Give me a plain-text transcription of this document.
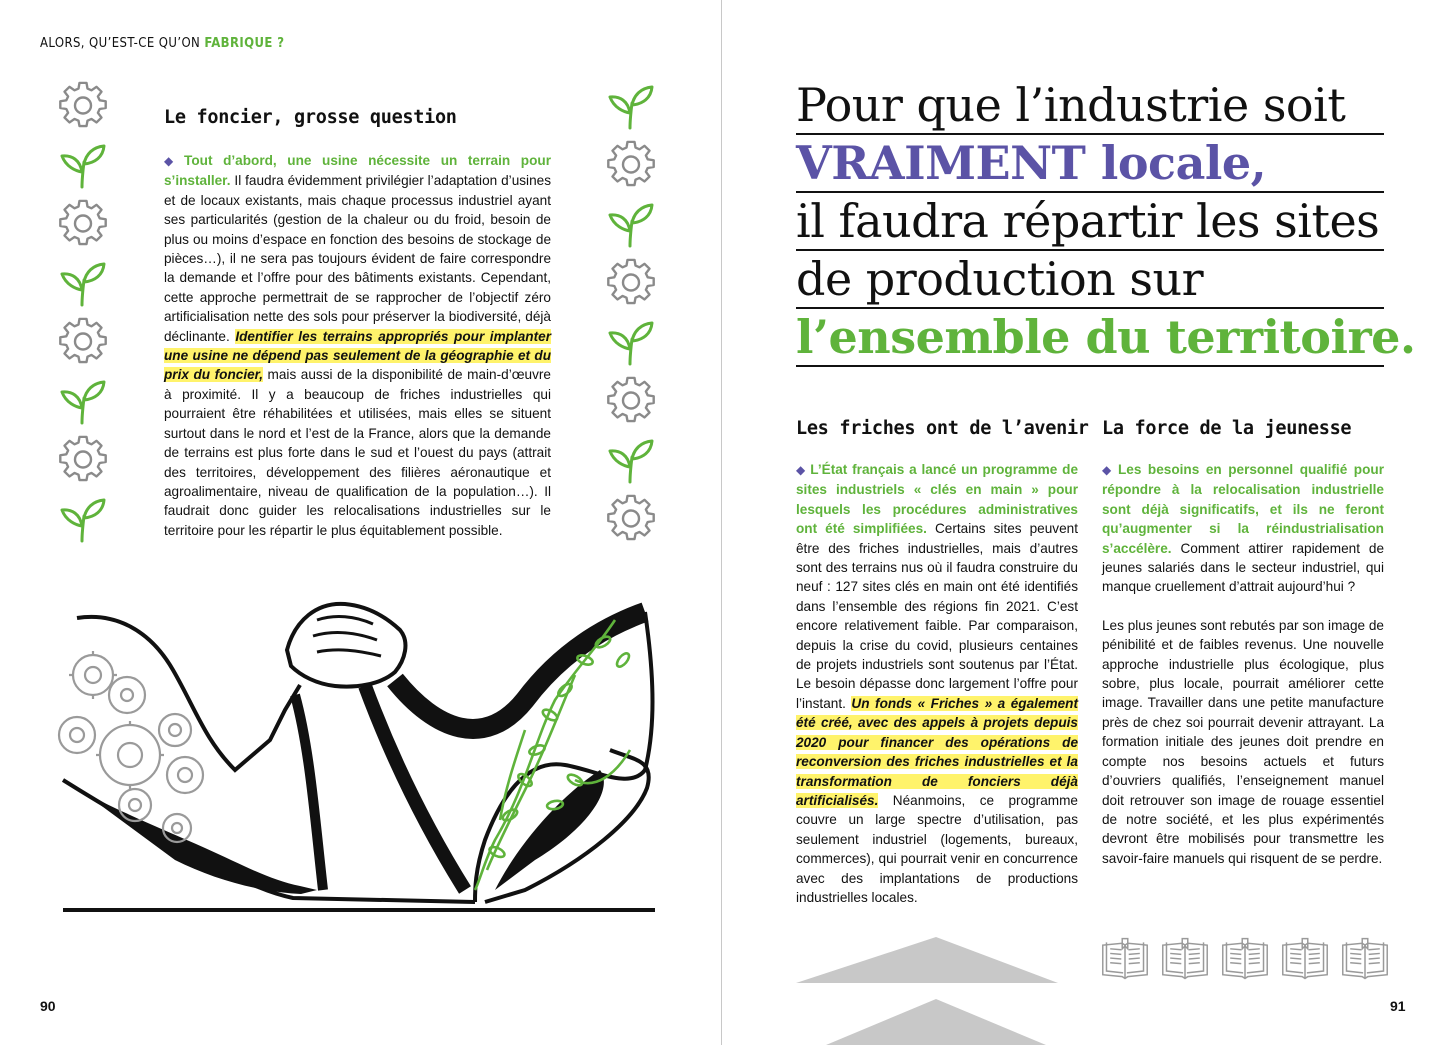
ALORS, QU’EST-CE QU’ON FABRIQUE ?
Le foncier, grosse question

◆ Tout d’abord, une usine nécessite un terrain pour s’installer. Il faudra évidemment privilégier l’adaptation d’usines et de locaux existants, mais chaque processus industriel ayant ses particularités (gestion de la chaleur ou du froid, besoin de plus ou moins d’espace en fonction des besoins de stockage de pièces…), il ne sera pas toujours évident de faire correspondre la demande et l’offre pour des bâtiments existants. Cependant, cette approche permettrait de se rapprocher de l’objectif zéro artificialisation nette des sols pour préserver la biodiversité, déjà déclinante. Identifier les terrains appropriés pour implanter une usine ne dépend pas seulement de la géographie et du prix du foncier, mais aussi de la disponibilité de main-d’œuvre à proximité. Il y a beaucoup de friches industrielles qui pourraient être réhabilitées et utilisées, mais elles se situent surtout dans le nord et l’est de la France, alors que la demande de terrains est plus forte dans le sud et l’ouest du pays (attrait des territoires, développement des filières aéronautique et agroalimentaire, niveau de qualification de la population…). Il faudrait donc guider les relocalisations industrielles sur le territoire pour les répartir le plus équitablement possible.

90
Pour que l’industrie soit
VRAIMENT locale,
il faudra répartir les sites
de production sur
l’ensemble du territoire.
Les friches ont de l’avenir La force de la jeunesse

◆ L’État français a lancé un programme de sites industriels « clés en main » pour lesquels les procédures administratives ont été simplifiées. Certains sites peuvent être des friches industrielles, mais d’autres sont des terrains nus où il faudra construire du neuf : 127 sites clés en main ont été identifiés dans l’ensemble des régions fin 2021. C’est encore relativement faible. Par comparaison, depuis la crise du covid, plusieurs centaines de projets industriels sont soutenus par l’État. Le besoin dépasse donc largement l’offre pour l’instant. Un fonds « Friches » a également été créé, avec des appels à projets depuis 2020 pour financer des opérations de reconversion des friches industrielles et la transformation de fonciers déjà artificialisés. Néanmoins, ce programme couvre un large spectre d’utilisation, pas seulement industriel (logements, bureaux, commerces), qui pourrait venir en concurrence avec des implantations de productions industrielles locales.

◆ Les besoins en personnel qualifié pour répondre à la relocalisation industrielle sont déjà significatifs, et ils ne feront qu’augmenter si la réindustrialisation s’accélère. Comment attirer rapidement de jeunes salariés dans le secteur industriel, qui manque cruellement d’attrait aujourd’hui ?

Les plus jeunes sont rebutés par son image de pénibilité et de faibles revenus. Une nouvelle approche industrielle plus écologique, plus sobre, plus locale, pourrait améliorer cette image. Travailler dans une petite manufacture près de chez soi pourrait devenir attrayant. La formation initiale des jeunes doit prendre en compte nos besoins actuels et futurs d’ouvriers qualifiés, l’enseignement manuel doit retrouver son image de rouage essentiel de notre société, et les plus expérimentés devront être mobilisés pour transmettre les savoir-faire manuels qui risquent de se perdre.

91
